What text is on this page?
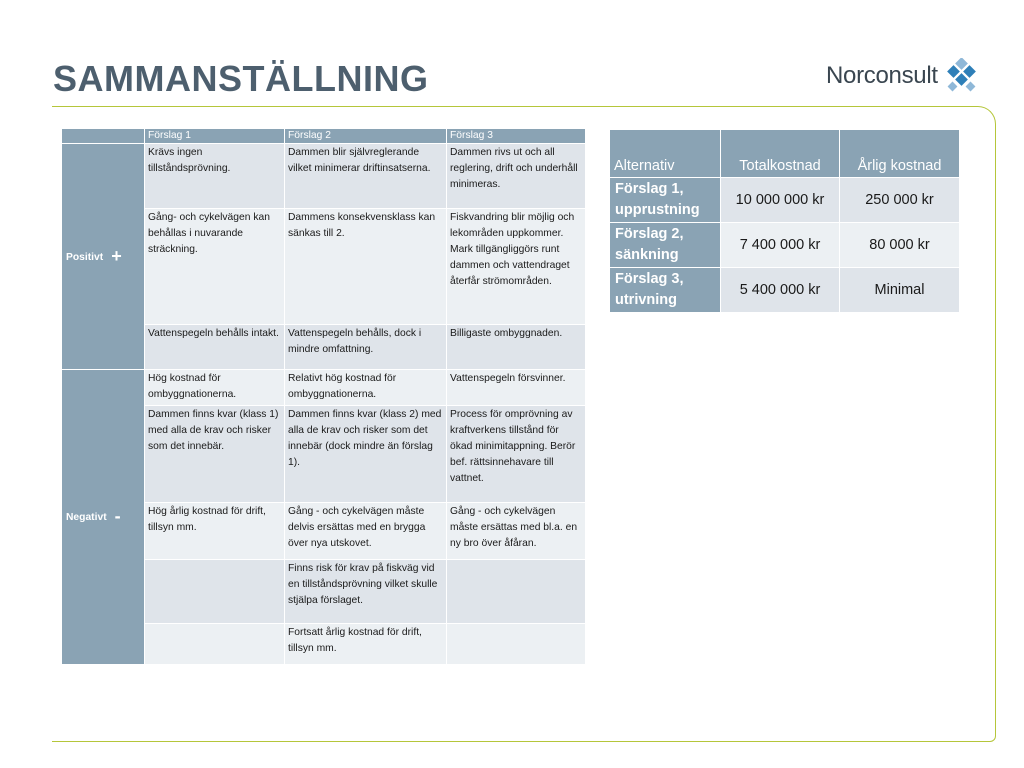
SAMMANSTÄLLNING	Norconsult
	Förslag 1	Förslag 2	Förslag 3
Positivt +	Krävs ingen tillståndsprövning.	Dammen blir självreglerande vilket minimerar driftinsatserna.	Dammen rivs ut och all reglering, drift och underhåll minimeras.
	Gång- och cykelvägen kan behållas i nuvarande sträckning.	Dammens konsekvensklass kan sänkas till 2.	Fiskvandring blir möjlig och lekområden uppkommer. Mark tillgängliggörs runt dammen och vattendraget återfår strömområden.
	Vattenspegeln behålls intakt.	Vattenspegeln behålls, dock i mindre omfattning.	Billigaste ombyggnaden.
Negativt -	Hög kostnad för ombyggnationerna.	Relativt hög kostnad för ombyggnationerna.	Vattenspegeln försvinner.
	Dammen finns kvar (klass 1) med alla de krav och risker som det innebär.	Dammen finns kvar (klass 2) med alla de krav och risker som det innebär (dock mindre än förslag 1).	Process för omprövning av kraftverkens tillstånd för ökad minimitappning. Berör bef. rättsinnehavare till vattnet.
	Hög årlig kostnad för drift, tillsyn mm.	Gång - och cykelvägen måste delvis ersättas med en brygga över nya utskovet.	Gång - och cykelvägen måste ersättas med bl.a. en ny bro över åfåran.
		Finns risk för krav på fiskväg vid en tillståndsprövning vilket skulle stjälpa förslaget.	
		Fortsatt årlig kostnad för drift, tillsyn mm.	
Alternativ	Totalkostnad	Årlig kostnad
Förslag 1, upprustning	10 000 000 kr	250 000 kr
Förslag 2, sänkning	7 400 000 kr	80 000 kr
Förslag 3, utrivning	5 400 000 kr	Minimal
